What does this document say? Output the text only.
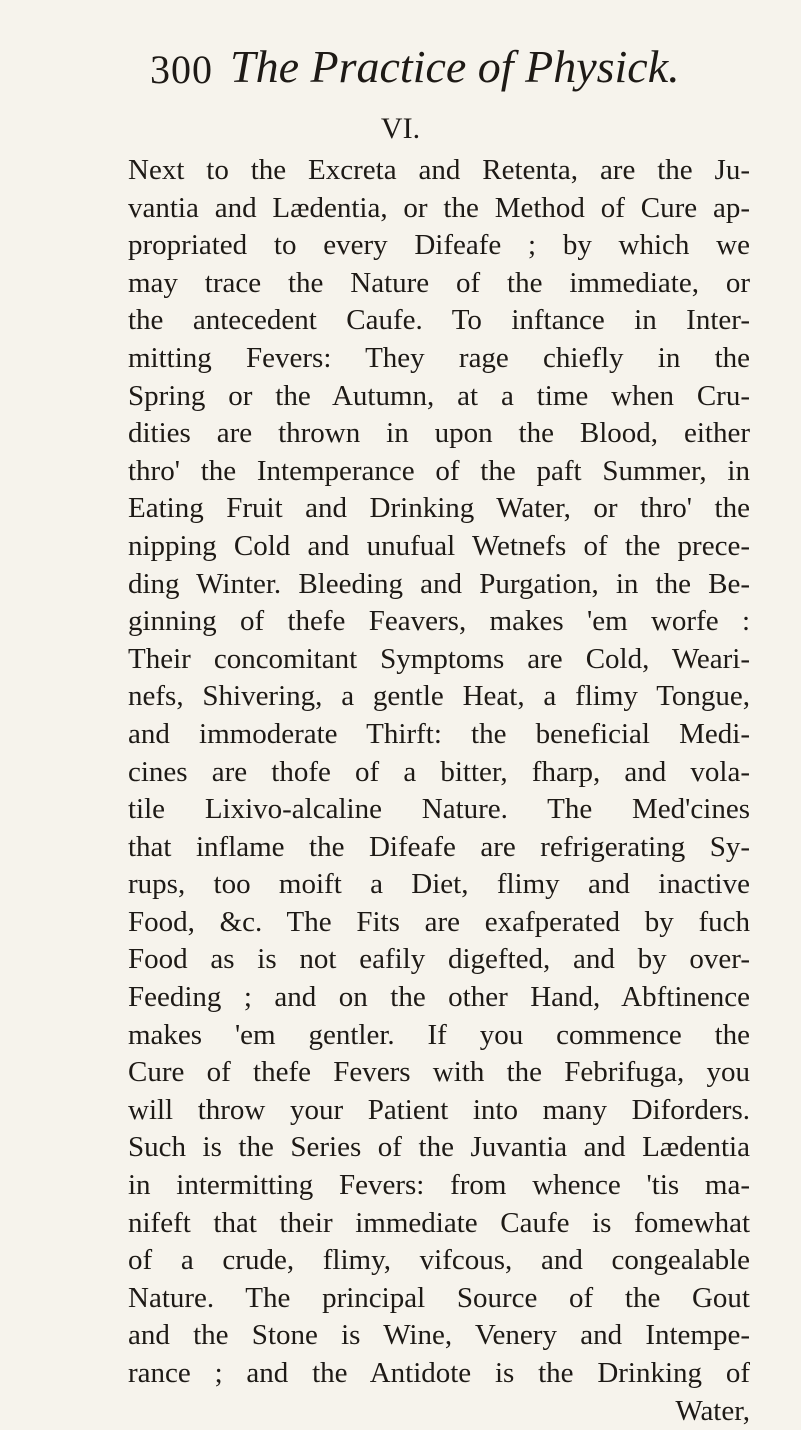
300 The Practice of Physick.
VI.
Next to the Excreta and Retenta, are the Ju-
vantia and Lædentia, or the Method of Cure ap-
propriated to every Difeafe ; by which we
may trace the Nature of the immediate, or
the antecedent Caufe. To inftance in Inter-
mitting Fevers: They rage chiefly in the
Spring or the Autumn, at a time when Cru-
dities are thrown in upon the Blood, either
thro' the Intemperance of the paft Summer, in
Eating Fruit and Drinking Water, or thro' the
nipping Cold and unufual Wetnefs of the prece-
ding Winter. Bleeding and Purgation, in the Be-
ginning of thefe Feavers, makes 'em worfe :
Their concomitant Symptoms are Cold, Weari-
nefs, Shivering, a gentle Heat, a flimy Tongue,
and immoderate Thirft: the beneficial Medi-
cines are thofe of a bitter, fharp, and vola-
tile Lixivo-alcaline Nature. The Med'cines
that inflame the Difeafe are refrigerating Sy-
rups, too moift a Diet, flimy and inactive
Food, &c. The Fits are exafperated by fuch
Food as is not eafily digefted, and by over-
Feeding ; and on the other Hand, Abftinence
makes 'em gentler. If you commence the
Cure of thefe Fevers with the Febrifuga, you
will throw your Patient into many Diforders.
Such is the Series of the Juvantia and Lædentia
in intermitting Fevers: from whence 'tis ma-
nifeft that their immediate Caufe is fomewhat
of a crude, flimy, vifcous, and congealable
Nature. The principal Source of the Gout
and the Stone is Wine, Venery and Intempe-
rance ; and the Antidote is the Drinking of
Water,
